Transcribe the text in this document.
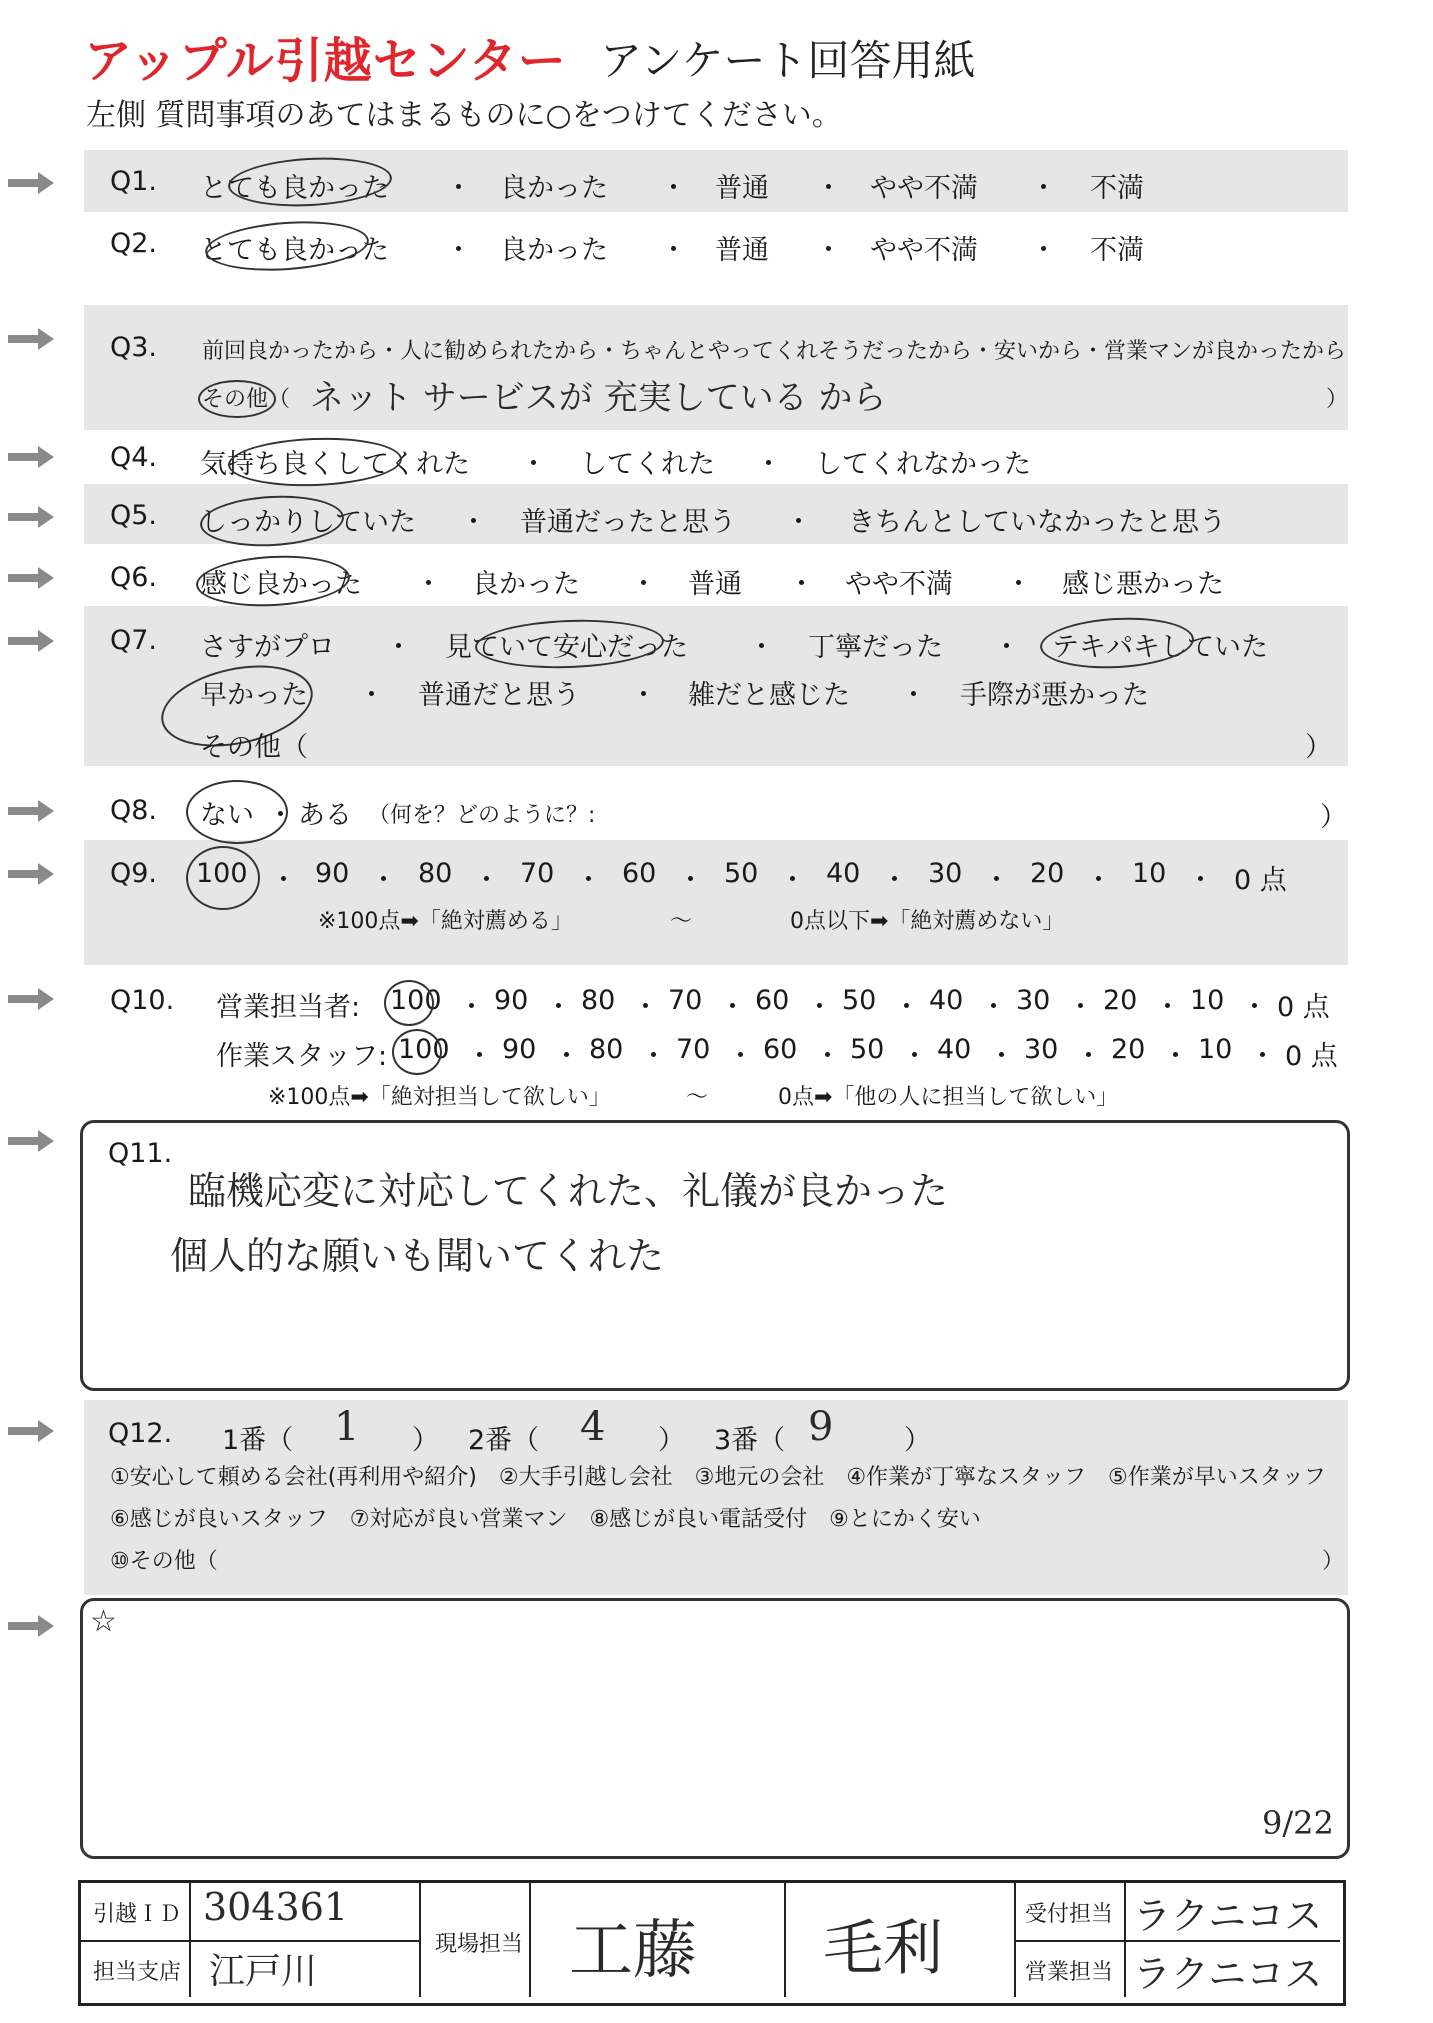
アップル引越センター アンケート回答用紙
左側 質問事項のあてはまるものに○をつけてください。
Q1. とても良かった ・ 良かった ・ 普通 ・ やや不満 ・ 不満
Q2. とても良かった ・ 良かった ・ 普通 ・ やや不満 ・ 不満
Q3. 前回良かったから・人に勧められたから・ちゃんとやってくれそうだったから・安いから・営業マンが良かったから
その他（ ネット サービスが 充実している から	）
Q4. 気持ち良くしてくれた ・ してくれた ・ してくれなかった
Q5. しっかりしていた ・ 普通だったと思う ・ きちんとしていなかったと思う
Q6. 感じ良かった ・ 良かった ・ 普通 ・ やや不満 ・ 感じ悪かった
Q7. さすがプロ ・ 見ていて安心だった ・ 丁寧だった ・ テキパキしていた
早かった ・ 普通だと思う ・ 雑だと感じた ・ 手際が悪かった
その他（	）
Q8. ない ・ ある （何を？どのように？:	）
Q9. 100 ・ 90 ・ 80 ・ 70 ・ 60 ・ 50 ・ 40 ・ 30 ・ 20 ・ 10 ・ 0 点
※100点➡「絶対薦める」	〜	0点以下➡「絶対薦めない」
Q10. 営業担当者: 100 ・ 90 ・ 80 ・ 70 ・ 60 ・ 50 ・ 40 ・ 30 ・ 20 ・ 10 ・ 0 点
作業スタッフ: 100 ・ 90 ・ 80 ・ 70 ・ 60 ・ 50 ・ 40 ・ 30 ・ 20 ・ 10 ・ 0 点
※100点➡「絶対担当して欲しい」	〜	0点➡「他の人に担当して欲しい」
Q11.
臨機応変に対応してくれた、礼儀が良かった
個人的な願いも聞いてくれた
Q12. 1番（ 1 ） 2番（ 4 ） 3番（ 9	）
①安心して頼める会社(再利用や紹介)　②大手引越し会社　③地元の会社　④作業が丁寧なスタッフ　⑤作業が早いスタッフ
⑥感じが良いスタッフ　⑦対応が良い営業マン　⑧感じが良い電話受付　⑨とにかく安い
⑩その他（	）
☆
9/22
引越ＩＤ 304361
担当支店 江戸川
現場担当 工藤 毛利	受付担当 ラクニコス
営業担当 ラクニコス
